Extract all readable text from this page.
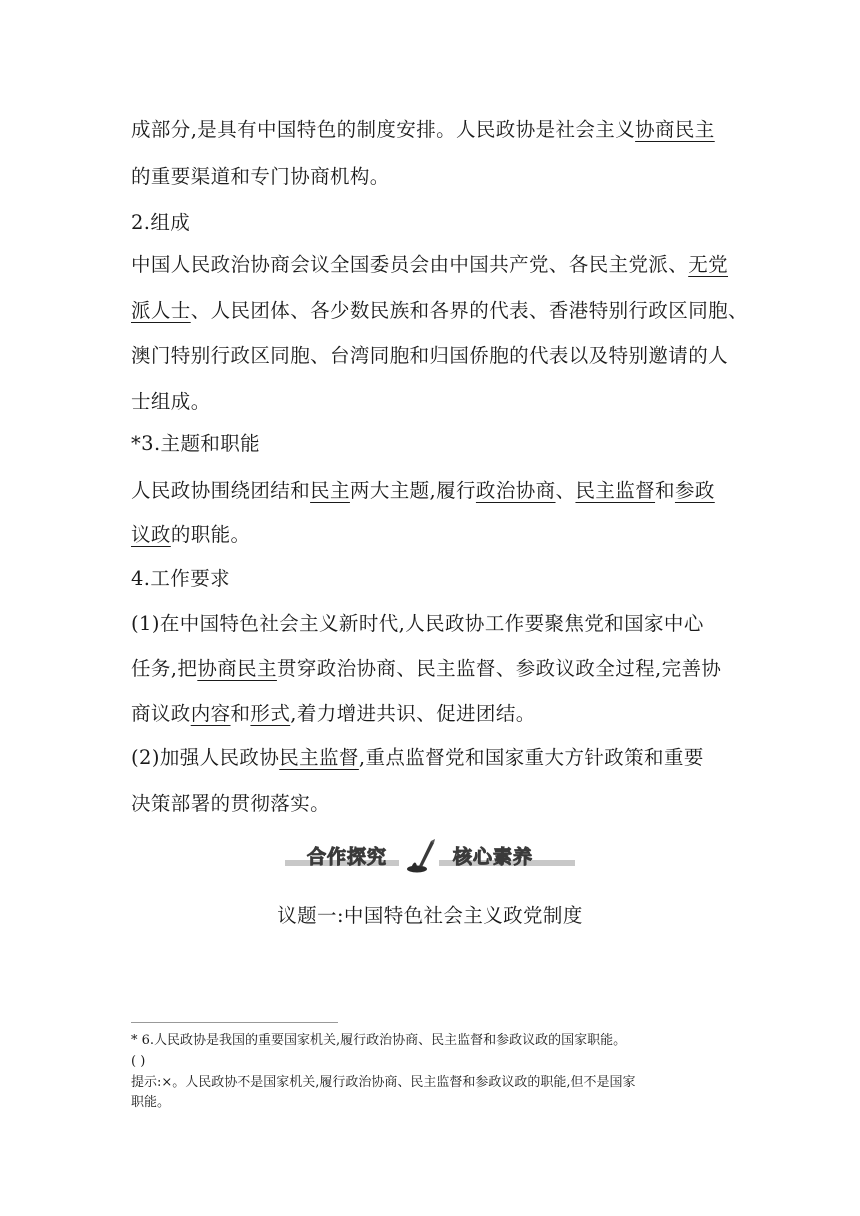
成部分,是具有中国特色的制度安排。人民政协是社会主义协商民主
的重要渠道和专门协商机构。
2.组成
中国人民政治协商会议全国委员会由中国共产党、各民主党派、无党
派人士、人民团体、各少数民族和各界的代表、香港特别行政区同胞、
澳门特别行政区同胞、台湾同胞和归国侨胞的代表以及特别邀请的人
士组成。
*3.主题和职能
人民政协围绕团结和民主两大主题,履行政治协商、民主监督和参政
议政的职能。
4.工作要求
(1)在中国特色社会主义新时代,人民政协工作要聚焦党和国家中心
任务,把协商民主贯穿政治协商、民主监督、参政议政全过程,完善协
商议政内容和形式,着力增进共识、促进团结。
(2)加强人民政协民主监督,重点监督党和国家重大方针政策和重要
决策部署的贯彻落实。
合作探究	核心素养
议题一:中国特色社会主义政党制度
* 6.人民政协是我国的重要国家机关,履行政治协商、民主监督和参政议政的国家职能。
( )
提示:×。人民政协不是国家机关,履行政治协商、民主监督和参政议政的职能,但不是国家
职能。
